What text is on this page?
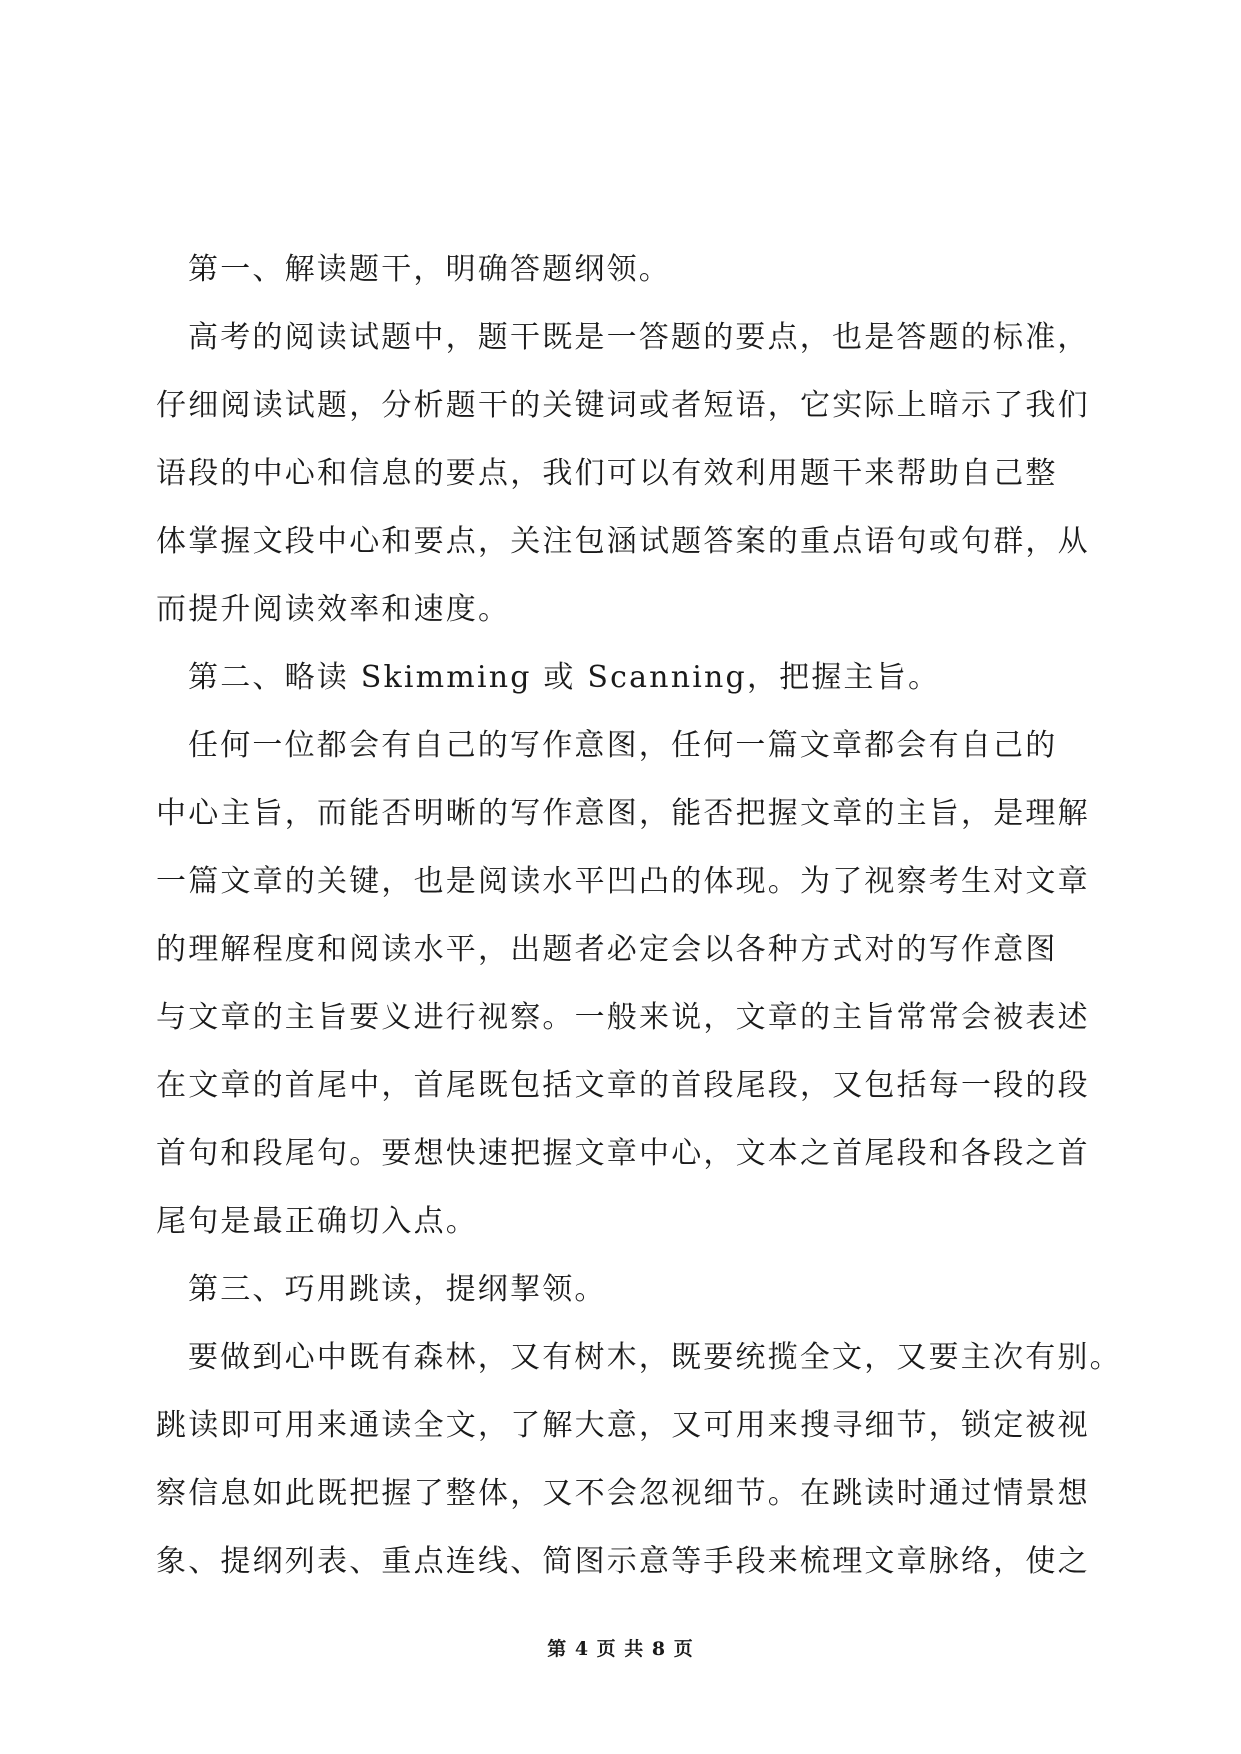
第一、解读题干，明确答题纲领。
高考的阅读试题中，题干既是一答题的要点，也是答题的标准，
仔细阅读试题，分析题干的关键词或者短语，它实际上暗示了我们
语段的中心和信息的要点，我们可以有效利用题干来帮助自己整
体掌握文段中心和要点，关注包涵试题答案的重点语句或句群，从
而提升阅读效率和速度。
第二、略读 Skimming 或 Scanning，把握主旨。
任何一位都会有自己的写作意图，任何一篇文章都会有自己的
中心主旨，而能否明晰的写作意图，能否把握文章的主旨，是理解
一篇文章的关键，也是阅读水平凹凸的体现。为了视察考生对文章
的理解程度和阅读水平，出题者必定会以各种方式对的写作意图
与文章的主旨要义进行视察。一般来说，文章的主旨常常会被表述
在文章的首尾中，首尾既包括文章的首段尾段，又包括每一段的段
首句和段尾句。要想快速把握文章中心，文本之首尾段和各段之首
尾句是最正确切入点。
第三、巧用跳读，提纲挈领。
要做到心中既有森林，又有树木，既要统揽全文，又要主次有别。
跳读即可用来通读全文，了解大意，又可用来搜寻细节，锁定被视
察信息如此既把握了整体，又不会忽视细节。在跳读时通过情景想
象、提纲列表、重点连线、简图示意等手段来梳理文章脉络，使之
第 4 页 共 8 页
